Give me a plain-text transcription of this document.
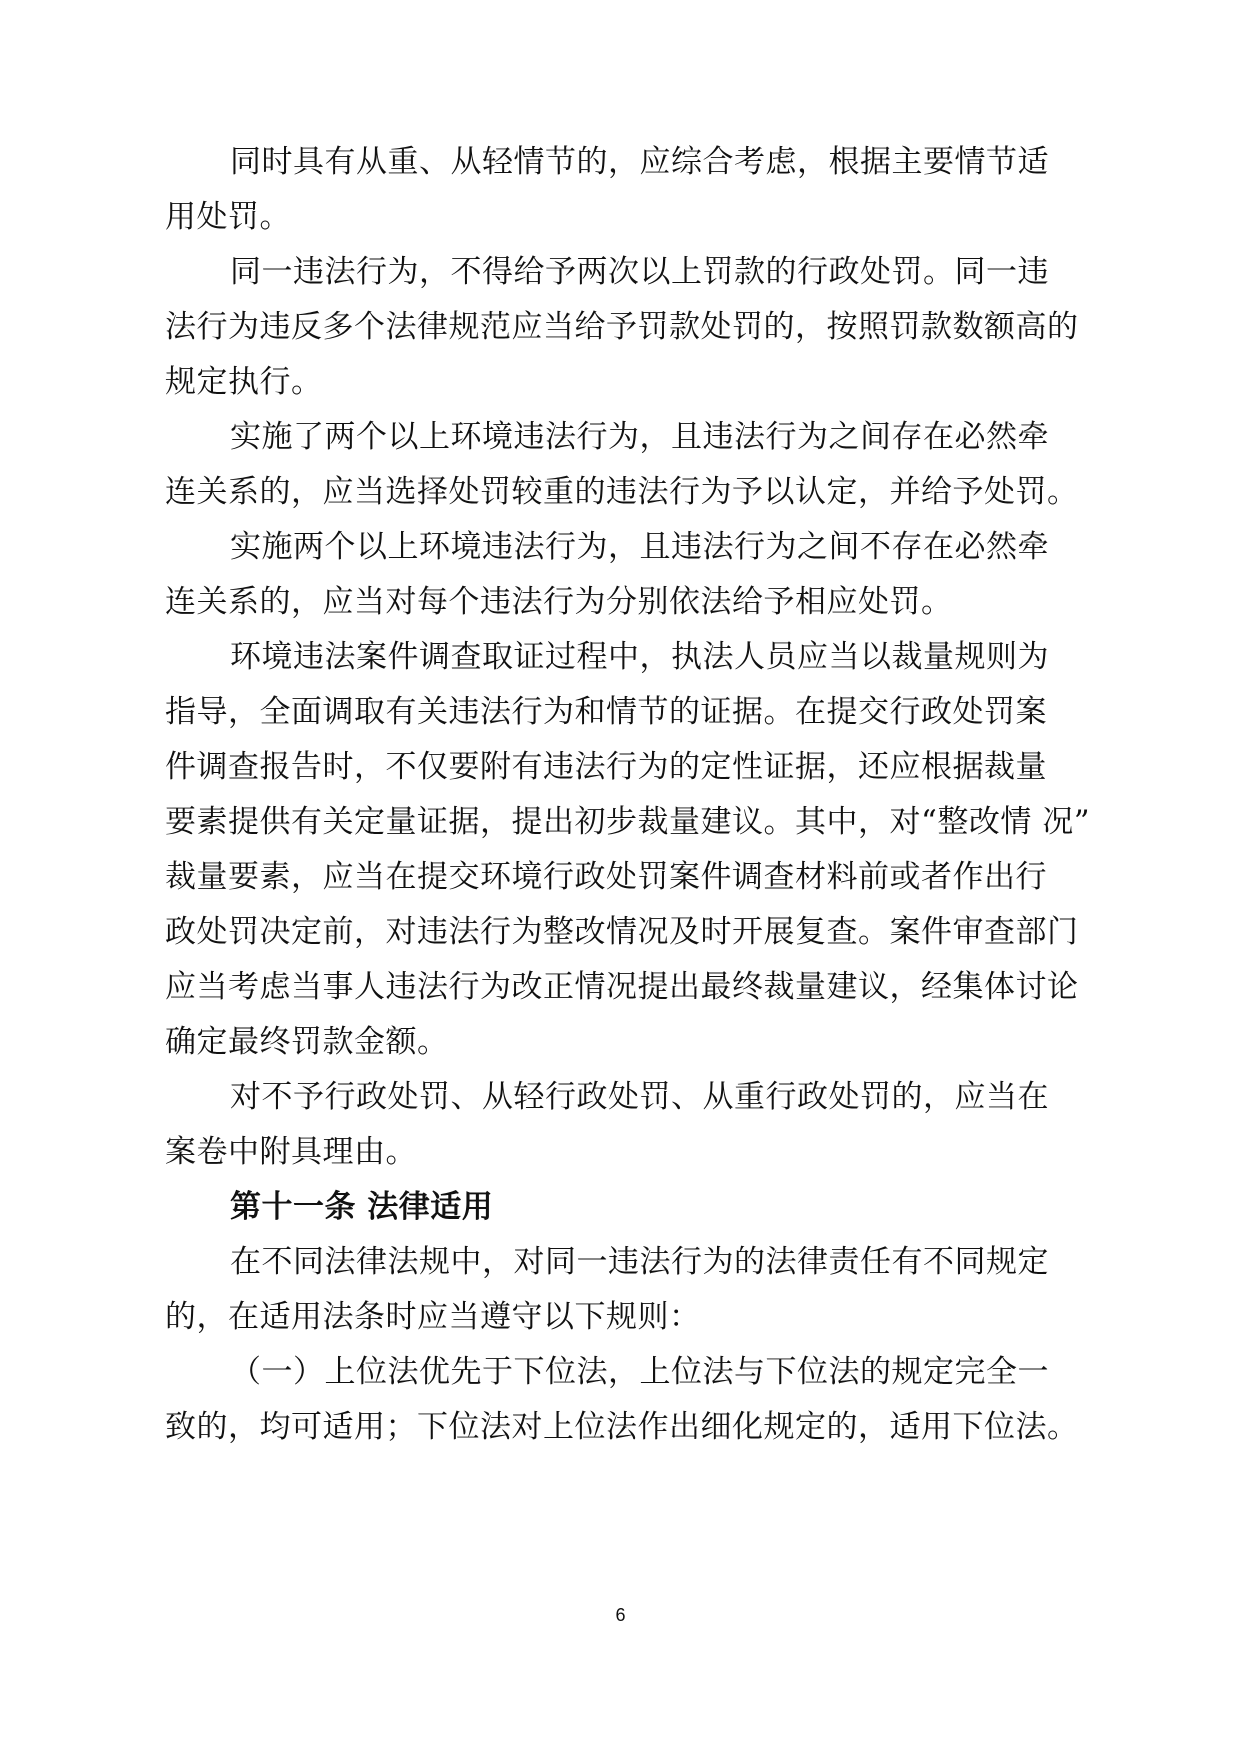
同时具有从重、从轻情节的，应综合考虑，根据主要情节适
用处罚。
同一违法行为，不得给予两次以上罚款的行政处罚。同一违
法行为违反多个法律规范应当给予罚款处罚的，按照罚款数额高的
规定执行。
实施了两个以上环境违法行为，且违法行为之间存在必然牵
连关系的，应当选择处罚较重的违法行为予以认定，并给予处罚。
实施两个以上环境违法行为，且违法行为之间不存在必然牵
连关系的，应当对每个违法行为分别依法给予相应处罚。
环境违法案件调查取证过程中，执法人员应当以裁量规则为
指导，全面调取有关违法行为和情节的证据。在提交行政处罚案
件调查报告时，不仅要附有违法行为的定性证据，还应根据裁量
要素提供有关定量证据，提出初步裁量建议。其中，对“整改情 况”
裁量要素，应当在提交环境行政处罚案件调查材料前或者作出行
政处罚决定前，对违法行为整改情况及时开展复查。案件审查部门
应当考虑当事人违法行为改正情况提出最终裁量建议，经集体讨论
确定最终罚款金额。
对不予行政处罚、从轻行政处罚、从重行政处罚的，应当在
案卷中附具理由。
第十一条 法律适用
在不同法律法规中，对同一违法行为的法律责任有不同规定
的，在适用法条时应当遵守以下规则：
（一）上位法优先于下位法，上位法与下位法的规定完全一
致的，均可适用；下位法对上位法作出细化规定的，适用下位法。
6
